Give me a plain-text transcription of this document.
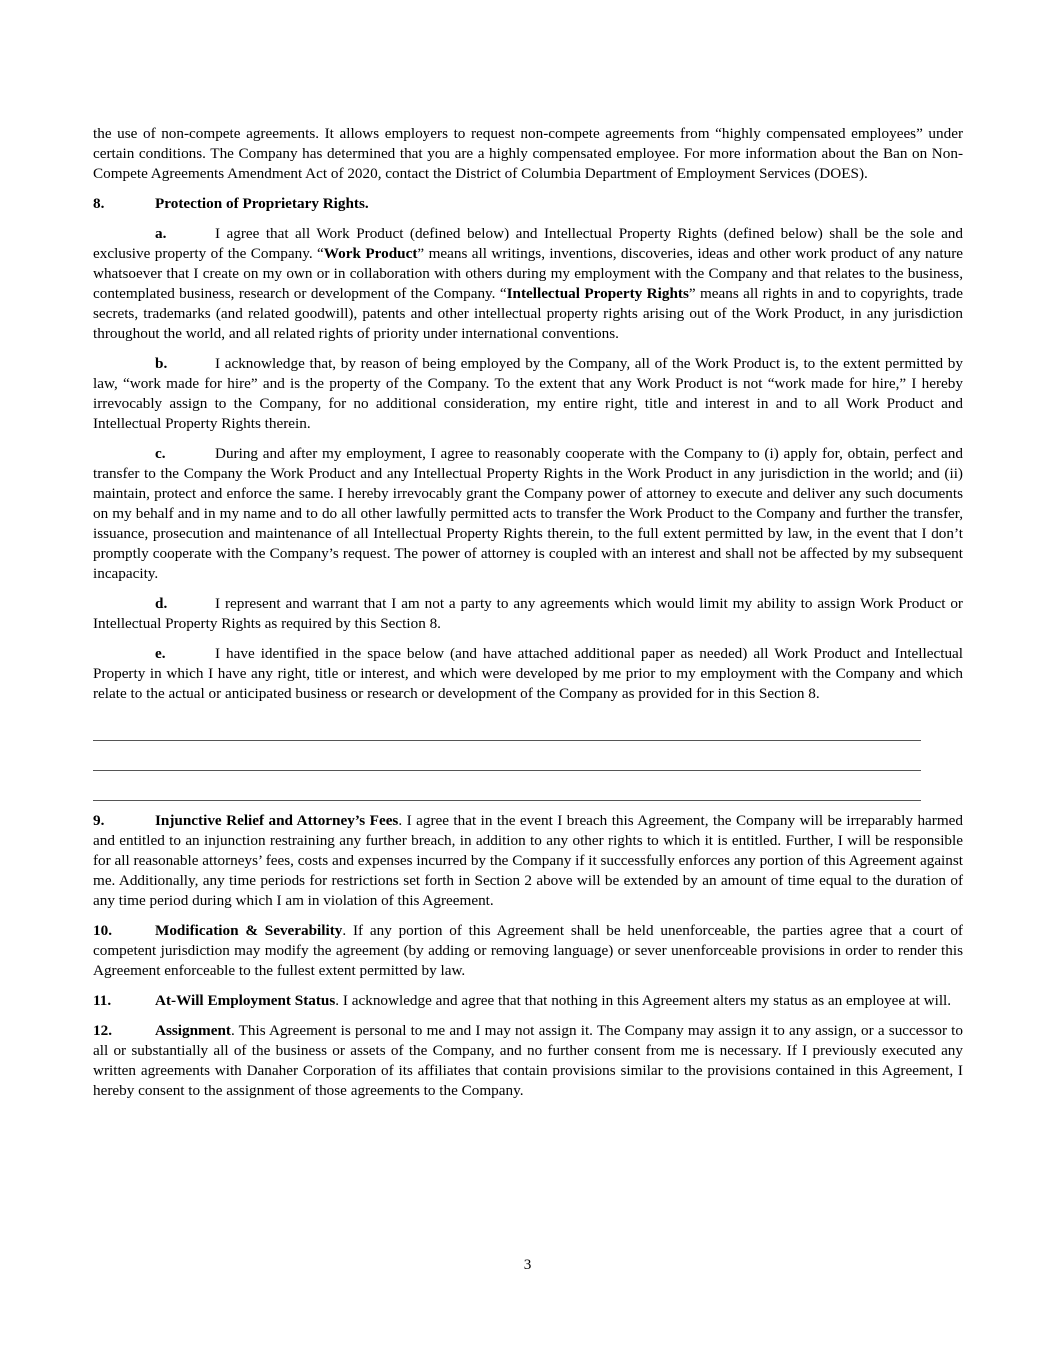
the use of non-compete agreements. It allows employers to request non-compete agreements from “highly compensated employees” under certain conditions. The Company has determined that you are a highly compensated employee. For more information about the Ban on Non-Compete Agreements Amendment Act of 2020, contact the District of Columbia Department of Employment Services (DOES).

8.	Protection of Proprietary Rights.

a.	I agree that all Work Product (defined below) and Intellectual Property Rights (defined below) shall be the sole and exclusive property of the Company. “Work Product” means all writings, inventions, discoveries, ideas and other work product of any nature whatsoever that I create on my own or in collaboration with others during my employment with the Company and that relates to the business, contemplated business, research or development of the Company. “Intellectual Property Rights” means all rights in and to copyrights, trade secrets, trademarks (and related goodwill), patents and other intellectual property rights arising out of the Work Product, in any jurisdiction throughout the world, and all related rights of priority under international conventions.

b.	I acknowledge that, by reason of being employed by the Company, all of the Work Product is, to the extent permitted by law, “work made for hire” and is the property of the Company. To the extent that any Work Product is not “work made for hire,” I hereby irrevocably assign to the Company, for no additional consideration, my entire right, title and interest in and to all Work Product and Intellectual Property Rights therein.

c.	During and after my employment, I agree to reasonably cooperate with the Company to (i) apply for, obtain, perfect and transfer to the Company the Work Product and any Intellectual Property Rights in the Work Product in any jurisdiction in the world; and (ii) maintain, protect and enforce the same. I hereby irrevocably grant the Company power of attorney to execute and deliver any such documents on my behalf and in my name and to do all other lawfully permitted acts to transfer the Work Product to the Company and further the transfer, issuance, prosecution and maintenance of all Intellectual Property Rights therein, to the full extent permitted by law, in the event that I don’t promptly cooperate with the Company’s request. The power of attorney is coupled with an interest and shall not be affected by my subsequent incapacity.

d.	I represent and warrant that I am not a party to any agreements which would limit my ability to assign Work Product or Intellectual Property Rights as required by this Section 8.

e.	I have identified in the space below (and have attached additional paper as needed) all Work Product and Intellectual Property in which I have any right, title or interest, and which were developed by me prior to my employment with the Company and which relate to the actual or anticipated business or research or development of the Company as provided for in this Section 8.

9.	Injunctive Relief and Attorney’s Fees. I agree that in the event I breach this Agreement, the Company will be irreparably harmed and entitled to an injunction restraining any further breach, in addition to any other rights to which it is entitled. Further, I will be responsible for all reasonable attorneys’ fees, costs and expenses incurred by the Company if it successfully enforces any portion of this Agreement against me. Additionally, any time periods for restrictions set forth in Section 2 above will be extended by an amount of time equal to the duration of any time period during which I am in violation of this Agreement.

10.	Modification & Severability. If any portion of this Agreement shall be held unenforceable, the parties agree that a court of competent jurisdiction may modify the agreement (by adding or removing language) or sever unenforceable provisions in order to render this Agreement enforceable to the fullest extent permitted by law.

11.	At-Will Employment Status. I acknowledge and agree that that nothing in this Agreement alters my status as an employee at will.

12.	Assignment. This Agreement is personal to me and I may not assign it. The Company may assign it to any assign, or a successor to all or substantially all of the business or assets of the Company, and no further consent from me is necessary. If I previously executed any written agreements with Danaher Corporation of its affiliates that contain provisions similar to the provisions contained in this Agreement, I hereby consent to the assignment of those agreements to the Company.

3
